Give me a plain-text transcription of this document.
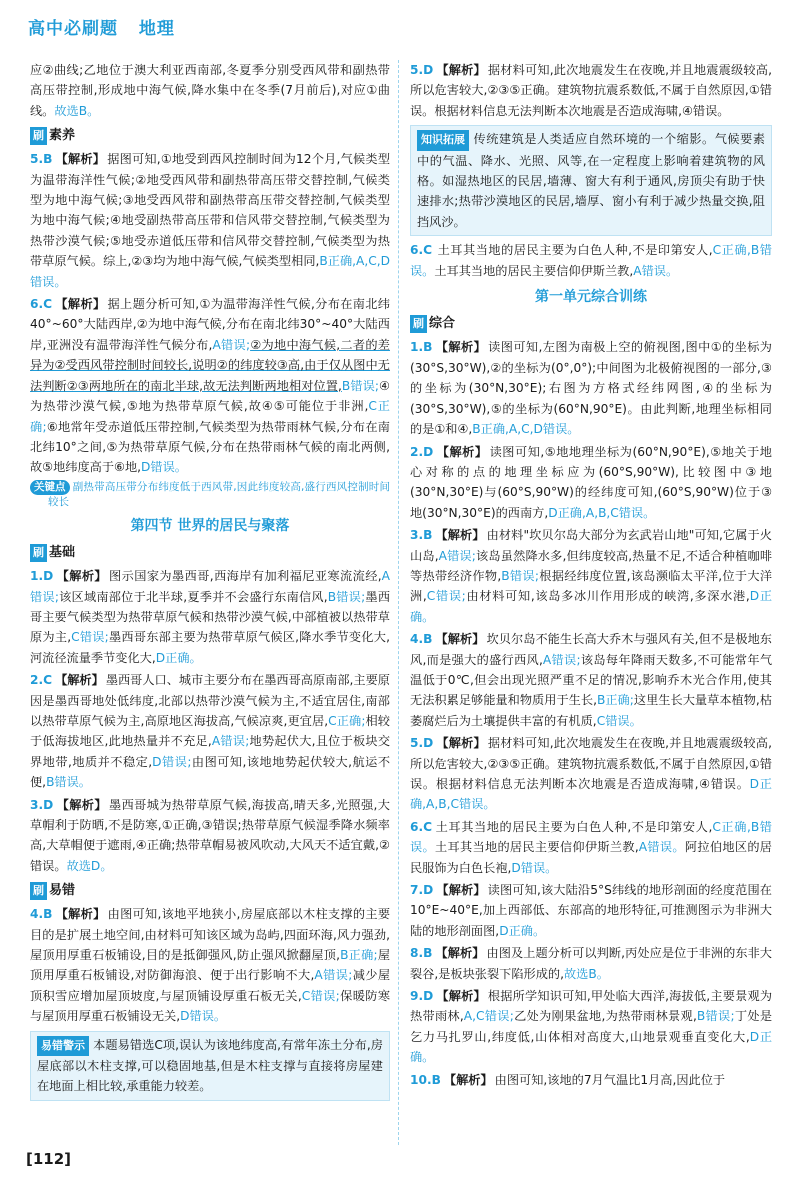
高中必刷题 地理

应②曲线;乙地位于澳大利亚西南部,冬夏季分别受西风带和副热带高压带控制,形成地中海气候,降水集中在冬季(7月前后),对应①曲线。故选B。

刷 素养

5.B 【解析】 据图可知,①地受到西风控制时间为12个月,气候类型为温带海洋性气候;②地受西风带和副热带高压带交替控制,气候类型为地中海气候;③地受西风带和副热带高压带交替控制,气候类型为地中海气候;④地受副热带高压带和信风带交替控制,气候类型为热带沙漠气候;⑤地受赤道低压带和信风带交替控制,气候类型为热带草原气候。综上,②③均为地中海气候,气候类型相同,B正确,A,C,D错误。

6.C 【解析】 据上题分析可知,①为温带海洋性气候,分布在南北纬40°~60°大陆西岸,②为地中海气候,分布在南北纬30°~40°大陆西岸,亚洲没有温带海洋性气候分布,A错误;②为地中海气候,二者的差异为②受西风带控制时间较长,说明②的纬度较③高,由于仅从图中无法判断②③两地所在的南北半球,故无法判断两地相对位置,B错误;④为热带沙漠气候,⑤地为热带草原气候,故④⑤可能位于非洲,C正确;⑥地常年受赤道低压带控制,气候类型为热带雨林气候,分布在南北纬10°之间,⑤为热带草原气候,分布在热带雨林气候的南北两侧,故⑤地纬度高于⑥地,D错误。

关键点 副热带高压带分布纬度低于西风带,因此纬度较高,盛行西风控制时间较长

第四节 世界的居民与聚落
刷 基础

1.D 【解析】 图示国家为墨西哥,西海岸有加利福尼亚寒流流经,A错误;该区域南部位于北半球,夏季并不会盛行东南信风,B错误;墨西哥主要气候类型为热带草原气候和热带沙漠气候,中部植被以热带草原为主,C错误;墨西哥东部主要为热带草原气候区,降水季节变化大,河流径流量季节变化大,D正确。

2.C 【解析】 墨西哥人口、城市主要分布在墨西哥高原南部,主要原因是墨西哥地处低纬度,北部以热带沙漠气候为主,不适宜居住,南部以热带草原气候为主,高原地区海拔高,气候凉爽,更宜居,C正确;相较于低海拔地区,此地热量并不充足,A错误;地势起伏大,且位于板块交界地带,地质并不稳定,D错误;由图可知,该地地势起伏较大,航运不便,B错误。

3.D 【解析】 墨西哥城为热带草原气候,海拔高,晴天多,光照强,大草帽利于防晒,不是防寒,①正确,③错误;热带草原气候湿季降水频率高,大草帽便于遮雨,④正确;热带草帽易被风吹动,大风天不适宜戴,②错误。故选D。

刷 易错

4.B 【解析】 由图可知,该地平地狭小,房屋底部以木柱支撑的主要目的是扩展土地空间,由材料可知该区域为岛屿,四面环海,风力强劲,屋顶用厚重石板铺设,目的是抵御强风,防止强风掀翻屋顶,B正确;屋顶用厚重石板铺设,对防御海浪、便于出行影响不大,A错误;减少屋顶积雪应增加屋顶坡度,与屋顶铺设厚重石板无关,C错误;保暖防寒与屋顶用厚重石板铺设无关,D错误。

易错警示 本题易错选C项,误认为该地纬度高,有常年冻土分布,房屋底部以木柱支撑,可以稳固地基,但是木柱支撑与直接将房屋建在地面上相比较,承重能力较差。

5.D 【解析】 据材料可知,此次地震发生在夜晚,并且地震震级较高,所以危害较大,②③⑤正确。建筑物抗震系数低,不属于自然原因,①错误。根据材料信息无法判断本次地震是否造成海啸,④错误。

知识拓展 传统建筑是人类适应自然环境的一个缩影。气候要素中的气温、降水、光照、风等,在一定程度上影响着建筑物的风格。如湿热地区的民居,墙薄、窗大有利于通风,房顶尖有助于快速排水;热带沙漠地区的民居,墙厚、窗小有利于减少热量交换,阻挡风沙。

6.C 土耳其当地的居民主要为白色人种,不是印第安人,C正确,B错误。土耳其当地的居民主要信仰伊斯兰教,A错误。

第一单元综合训练
刷 综合

1.B 【解析】 读图可知,左图为南极上空的俯视图,图中①的坐标为(30°S,30°W),②的坐标为(0°,0°);中间图为北极俯视图的一部分,③的坐标为(30°N,30°E);右图为方格式经纬网图,④的坐标为(30°S,30°W),⑤的坐标为(60°N,90°E)。由此判断,地理坐标相同的是①和④,B正确,A,C,D错误。

2.D 【解析】 读图可知,⑤地地理坐标为(60°N,90°E),⑤地关于地心对称的点的地理坐标应为(60°S,90°W),比较图中③地(30°N,30°E)与(60°S,90°W)的经纬度可知,(60°S,90°W)位于③地(30°N,30°E)的西南方,D正确,A,B,C错误。

3.B 【解析】 由材料"坎贝尔岛大部分为玄武岩山地"可知,它属于火山岛,A错误;该岛虽然降水多,但纬度较高,热量不足,不适合种植咖啡等热带经济作物,B错误;根据经纬度位置,该岛濒临太平洋,位于大洋洲,C错误;由材料可知,该岛多冰川作用形成的峡湾,多深水港,D正确。

4.B 【解析】 坎贝尔岛不能生长高大乔木与强风有关,但不是极地东风,而是强大的盛行西风,A错误;该岛每年降雨天数多,不可能常年气温低于0℃,但会出现光照严重不足的情况,影响乔木光合作用,使其无法积累足够能量和物质用于生长,B正确;这里生长大量草本植物,枯萎腐烂后为土壤提供丰富的有机质,C错误。

5.D 【解析】 据材料可知,此次地震发生在夜晚,并且地震震级较高,所以危害较大,②③⑤正确。建筑物抗震系数低,不属于自然原因,①错误。根据材料信息无法判断本次地震是否造成海啸,④错误。D正确,A,B,C错误。

6.C 土耳其当地的居民主要为白色人种,不是印第安人,C正确,B错误。土耳其当地的居民主要信仰伊斯兰教,A错误。阿拉伯地区的居民服饰为白色长袍,D错误。

7.D 【解析】 读图可知,该大陆沿5°S纬线的地形剖面的经度范围在10°E~40°E,加上西部低、东部高的地形特征,可推测图示为非洲大陆的地形剖面图,D正确。

8.B 【解析】 由图及上题分析可以判断,丙处应是位于非洲的东非大裂谷,是板块张裂下陷形成的,故选B。

9.D 【解析】 根据所学知识可知,甲处临大西洋,海拔低,主要景观为热带雨林,A,C错误;乙处为刚果盆地,为热带雨林景观,B错误;丁处是乞力马扎罗山,纬度低,山体相对高度大,山地景观垂直变化大,D正确。

10.B 【解析】 由图可知,该地的7月气温比1月高,因此位于

[112]
